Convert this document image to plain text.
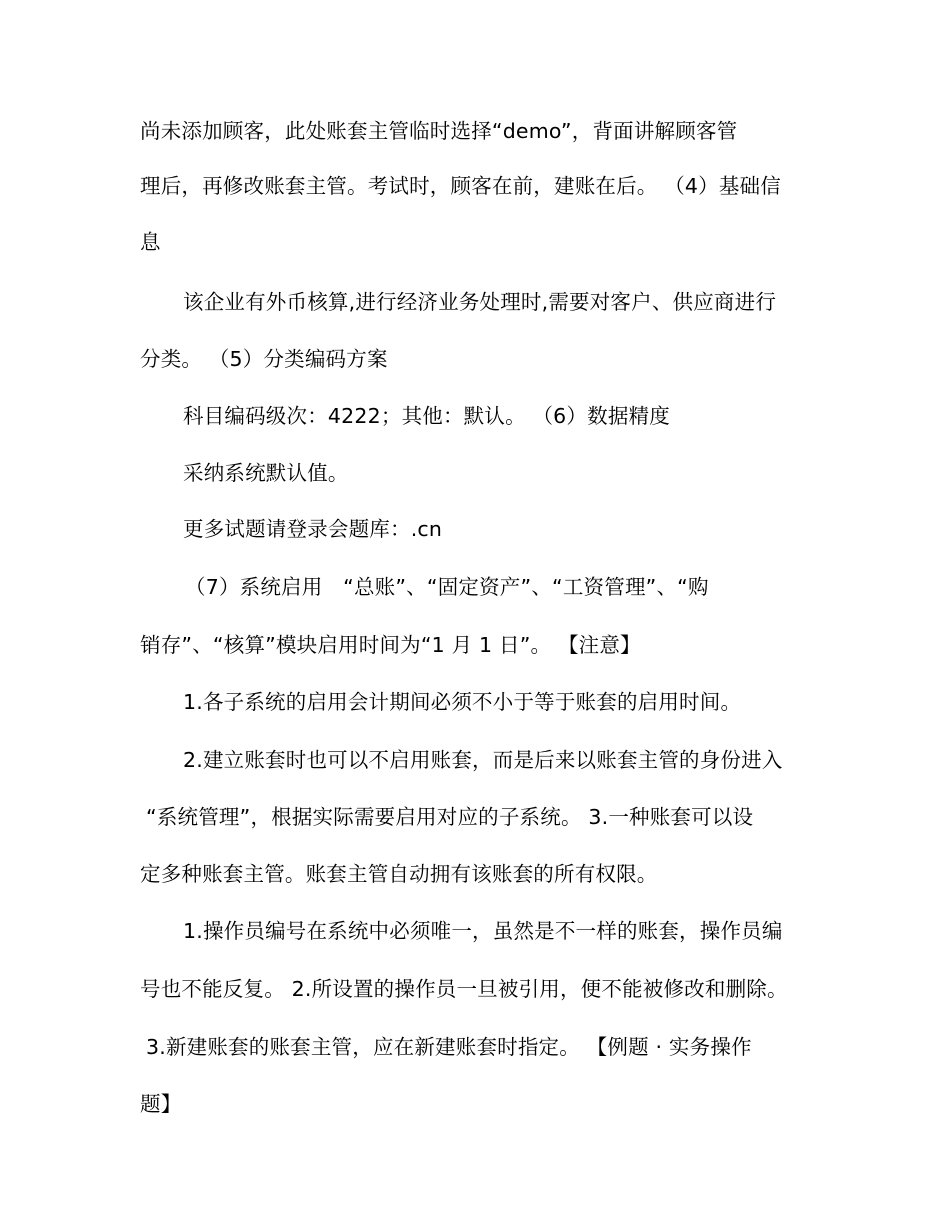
尚未添加顾客，此处账套主管临时选择“demo”，背面讲解顾客管
理后，再修改账套主管。考试时，顾客在前，建账在后。 （4）基础信
息
该企业有外币核算,进行经济业务处理时,需要对客户、供应商进行
分类。 （5）分类编码方案
科目编码级次：4222；其他：默认。 （6）数据精度
采纳系统默认值。
更多试题请登录会题库：.cn
（7）系统启用　“总账”、“固定资产”、“工资管理”、“购
销存”、“核算”模块启用时间为“1 月 1 日”。 【注意】
1.各子系统的启用会计期间必须不小于等于账套的启用时间。
2.建立账套时也可以不启用账套，而是后来以账套主管的身份进入
“系统管理”，根据实际需要启用对应的子系统。 3.一种账套可以设
定多种账套主管。账套主管自动拥有该账套的所有权限。
1.操作员编号在系统中必须唯一，虽然是不一样的账套，操作员编
号也不能反复。 2.所设置的操作员一旦被引用，便不能被修改和删除。
3.新建账套的账套主管，应在新建账套时指定。 【例题 · 实务操作
题】
